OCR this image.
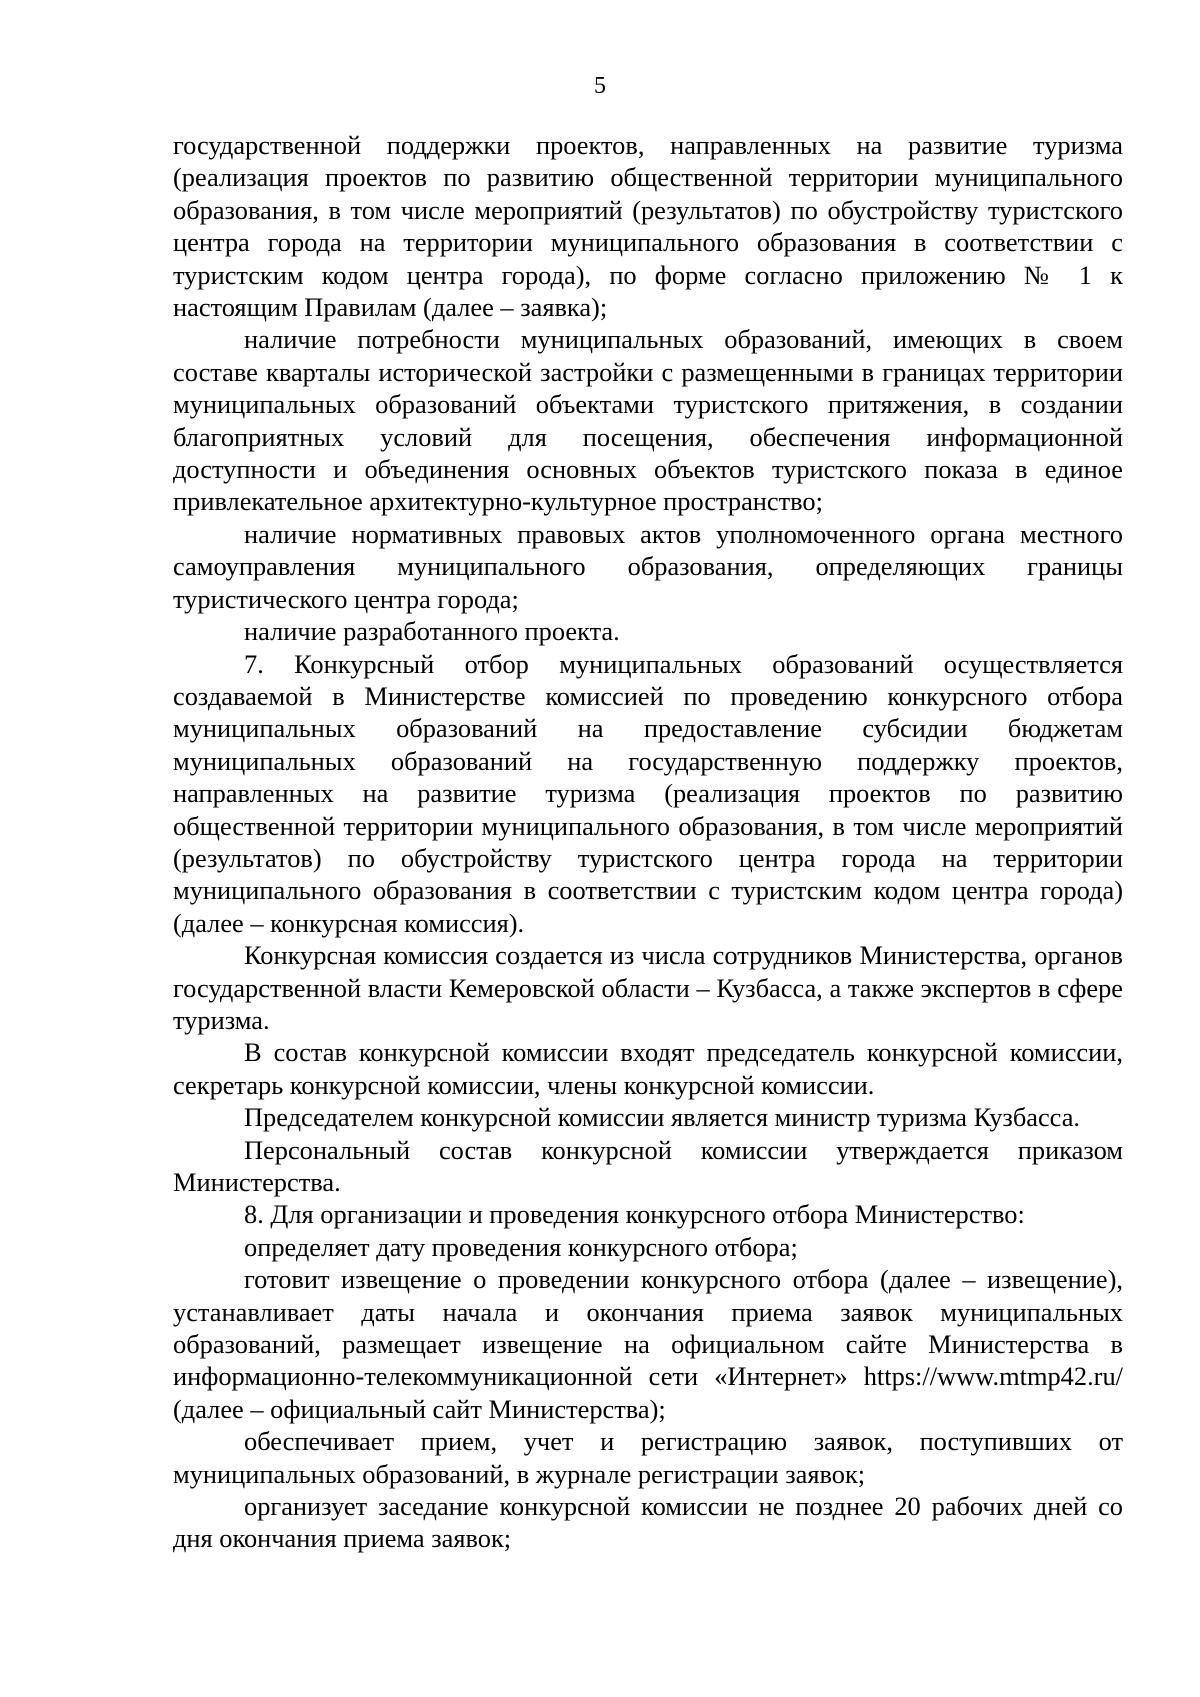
5

государственной поддержки проектов, направленных на развитие туризма (реализация проектов по развитию общественной территории муниципального образования, в том числе мероприятий (результатов) по обустройству туристского центра города на территории муниципального образования в соответствии с туристским кодом центра города), по форме согласно приложению № 1 к настоящим Правилам (далее – заявка);

наличие потребности муниципальных образований, имеющих в своем составе кварталы исторической застройки с размещенными в границах территории муниципальных образований объектами туристского притяжения, в создании благоприятных условий для посещения, обеспечения информационной доступности и объединения основных объектов туристского показа в единое привлекательное архитектурно-культурное пространство;

наличие нормативных правовых актов уполномоченного органа местного самоуправления муниципального образования, определяющих границы туристического центра города;

наличие разработанного проекта.

7. Конкурсный отбор муниципальных образований осуществляется создаваемой в Министерстве комиссией по проведению конкурсного отбора муниципальных образований на предоставление субсидии бюджетам муниципальных образований на государственную поддержку проектов, направленных на развитие туризма (реализация проектов по развитию общественной территории муниципального образования, в том числе мероприятий (результатов) по обустройству туристского центра города на территории муниципального образования в соответствии с туристским кодом центра города) (далее – конкурсная комиссия).

Конкурсная комиссия создается из числа сотрудников Министерства, органов государственной власти Кемеровской области – Кузбасса, а также экспертов в сфере туризма.

В состав конкурсной комиссии входят председатель конкурсной комиссии, секретарь конкурсной комиссии, члены конкурсной комиссии.

Председателем конкурсной комиссии является министр туризма Кузбасса.

Персональный состав конкурсной комиссии утверждается приказом Министерства.

8. Для организации и проведения конкурсного отбора Министерство:

определяет дату проведения конкурсного отбора;

готовит извещение о проведении конкурсного отбора (далее – извещение), устанавливает даты начала и окончания приема заявок муниципальных образований, размещает извещение на официальном сайте Министерства в информационно-телекоммуникационной сети «Интернет» https://www.mtmp42.ru/ (далее – официальный сайт Министерства);

обеспечивает прием, учет и регистрацию заявок, поступивших от муниципальных образований, в журнале регистрации заявок;

организует заседание конкурсной комиссии не позднее 20 рабочих дней со дня окончания приема заявок;
